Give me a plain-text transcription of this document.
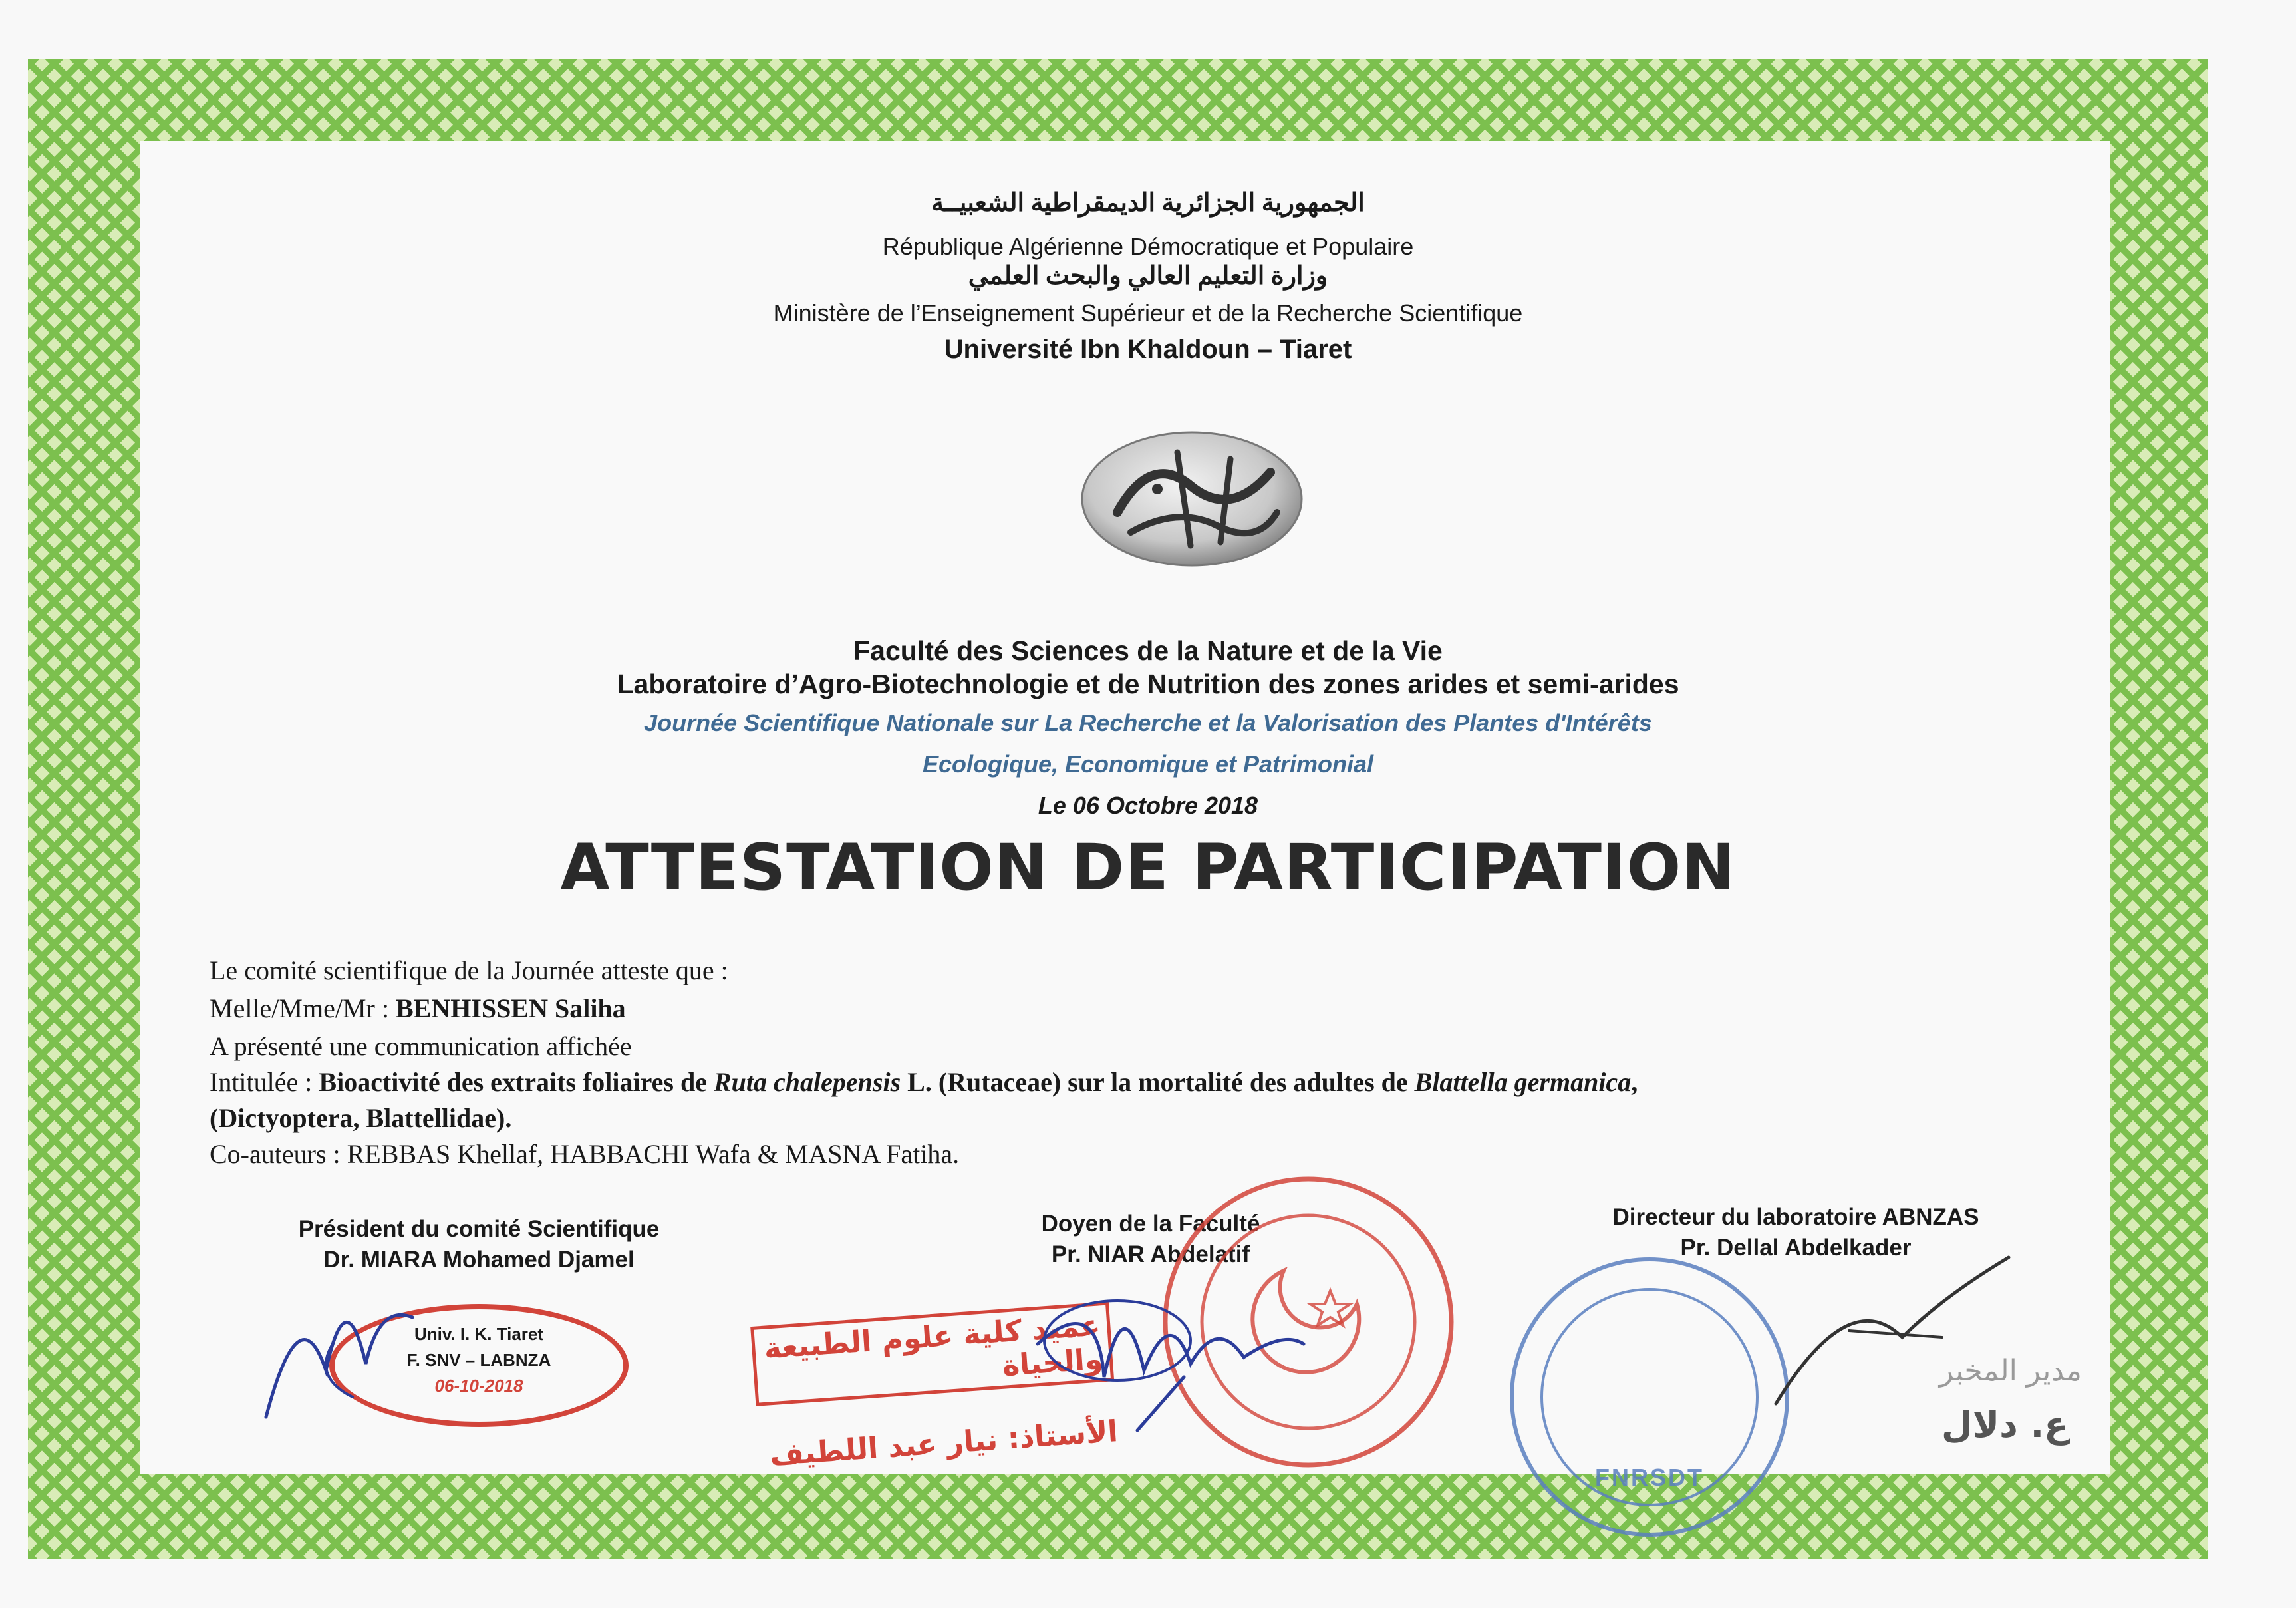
الجمهورية الجزائرية الديمقراطية الشعبيــة
République Algérienne Démocratique et Populaire
وزارة التعليم العالي والبحث العلمي
Ministère de l’Enseignement Supérieur et de la Recherche Scientifique
Université Ibn Khaldoun – Tiaret
Faculté des Sciences de la Nature et de la Vie
Laboratoire d’Agro-Biotechnologie et de Nutrition des zones arides et semi-arides
Journée Scientifique Nationale sur La Recherche et la Valorisation des Plantes d'Intérêts
Ecologique, Economique et Patrimonial
Le 06 Octobre 2018
ATTESTATION DE PARTICIPATION
Le comité scientifique de la Journée atteste que :
Melle/Mme/Mr : BENHISSEN Saliha
A présenté une communication affichée
Intitulée : Bioactivité des extraits foliaires de Ruta chalepensis L. (Rutaceae) sur la mortalité des adultes de Blattella germanica,
(Dictyoptera, Blattellidae).
Co-auteurs : REBBAS Khellaf, HABBACHI Wafa & MASNA Fatiha.
Président du comité Scientifique
Dr. MIARA Mohamed Djamel
Doyen de la Faculté
Pr. NIAR Abdelatif
Directeur du laboratoire ABNZAS
Pr. Dellal Abdelkader
Univ. I. K. Tiaret
F. SNV – LABNZA
06-10-2018
عميد كلية علوم الطبيعة والحياة
الأستاذ: نيار عبد اللطيف
FNRSDT
مدير المخبر
ع. دلال
